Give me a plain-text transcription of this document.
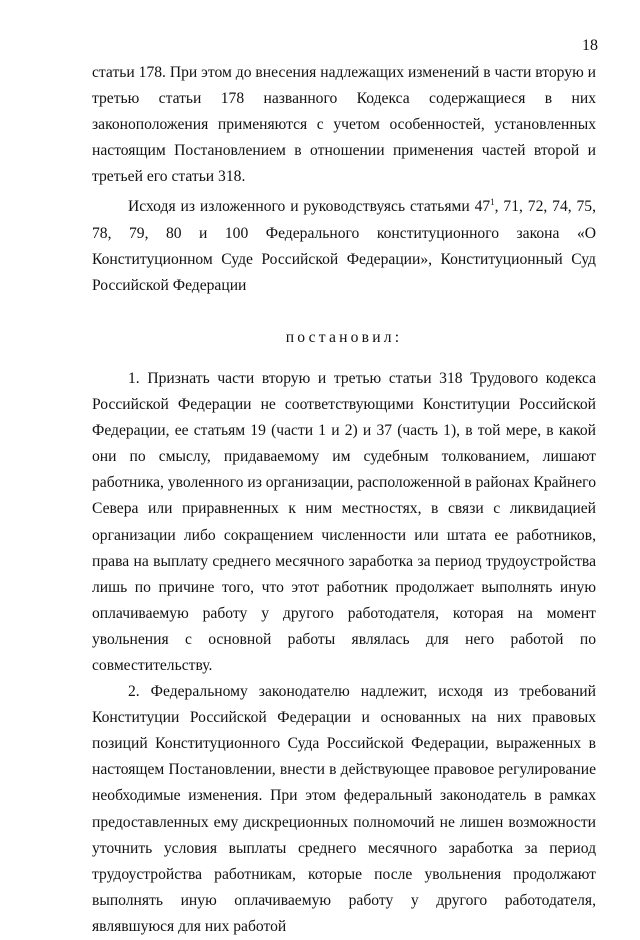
18

статьи 178. При этом до внесения надлежащих изменений в части вторую и третью статьи 178 названного Кодекса содержащиеся в них законоположения применяются с учетом особенностей, установленных настоящим Постановлением в отношении применения частей второй и третьей его статьи 318.

Исходя из изложенного и руководствуясь статьями $47^1$, 71, 72, 74, 75, 78, 79, 80 и 100 Федерального конституционного закона «О Конституционном Суде Российской Федерации», Конституционный Суд Российской Федерации

постановил:

1. Признать части вторую и третью статьи 318 Трудового кодекса Российской Федерации не соответствующими Конституции Российской Федерации, ее статьям 19 (части 1 и 2) и 37 (часть 1), в той мере, в какой они по смыслу, придаваемому им судебным толкованием, лишают работника, уволенного из организации, расположенной в районах Крайнего Севера или приравненных к ним местностях, в связи с ликвидацией организации либо сокращением численности или штата ее работников, права на выплату среднего месячного заработка за период трудоустройства лишь по причине того, что этот работник продолжает выполнять иную оплачиваемую работу у другого работодателя, которая на момент увольнения с основной работы являлась для него работой по совместительству.

2. Федеральному законодателю надлежит, исходя из требований Конституции Российской Федерации и основанных на них правовых позиций Конституционного Суда Российской Федерации, выраженных в настоящем Постановлении, внести в действующее правовое регулирование необходимые изменения. При этом федеральный законодатель в рамках предоставленных ему дискреционных полномочий не лишен возможности уточнить условия выплаты среднего месячного заработка за период трудоустройства работникам, которые после увольнения продолжают выполнять иную оплачиваемую работу у другого работодателя, являвшуюся для них работой
